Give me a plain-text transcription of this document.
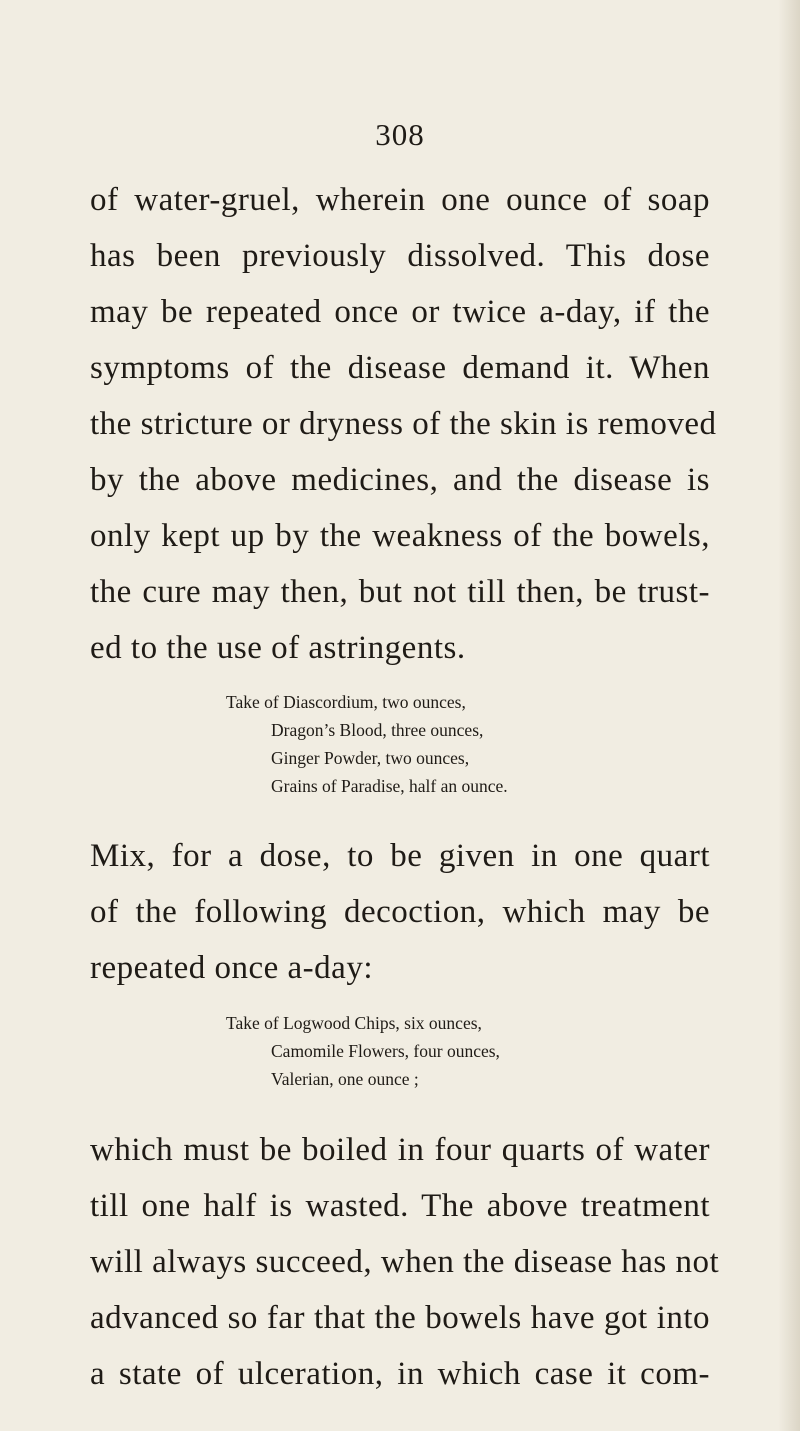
308
of water-gruel, wherein one ounce of soap
has been previously dissolved. This dose
may be repeated once or twice a-day, if the
symptoms of the disease demand it. When
the stricture or dryness of the skin is removed
by the above medicines, and the disease is
only kept up by the weakness of the bowels,
the cure may then, but not till then, be trust-
ed to the use of astringents.
Take of Diascordium, two ounces,
Dragon’s Blood, three ounces,
Ginger Powder, two ounces,
Grains of Paradise, half an ounce.
Mix, for a dose, to be given in one quart
of the following decoction, which may be
repeated once a-day:
Take of Logwood Chips, six ounces,
Camomile Flowers, four ounces,
Valerian, one ounce ;
which must be boiled in four quarts of water
till one half is wasted. The above treatment
will always succeed, when the disease has not
advanced so far that the bowels have got into
a state of ulceration, in which case it com-
